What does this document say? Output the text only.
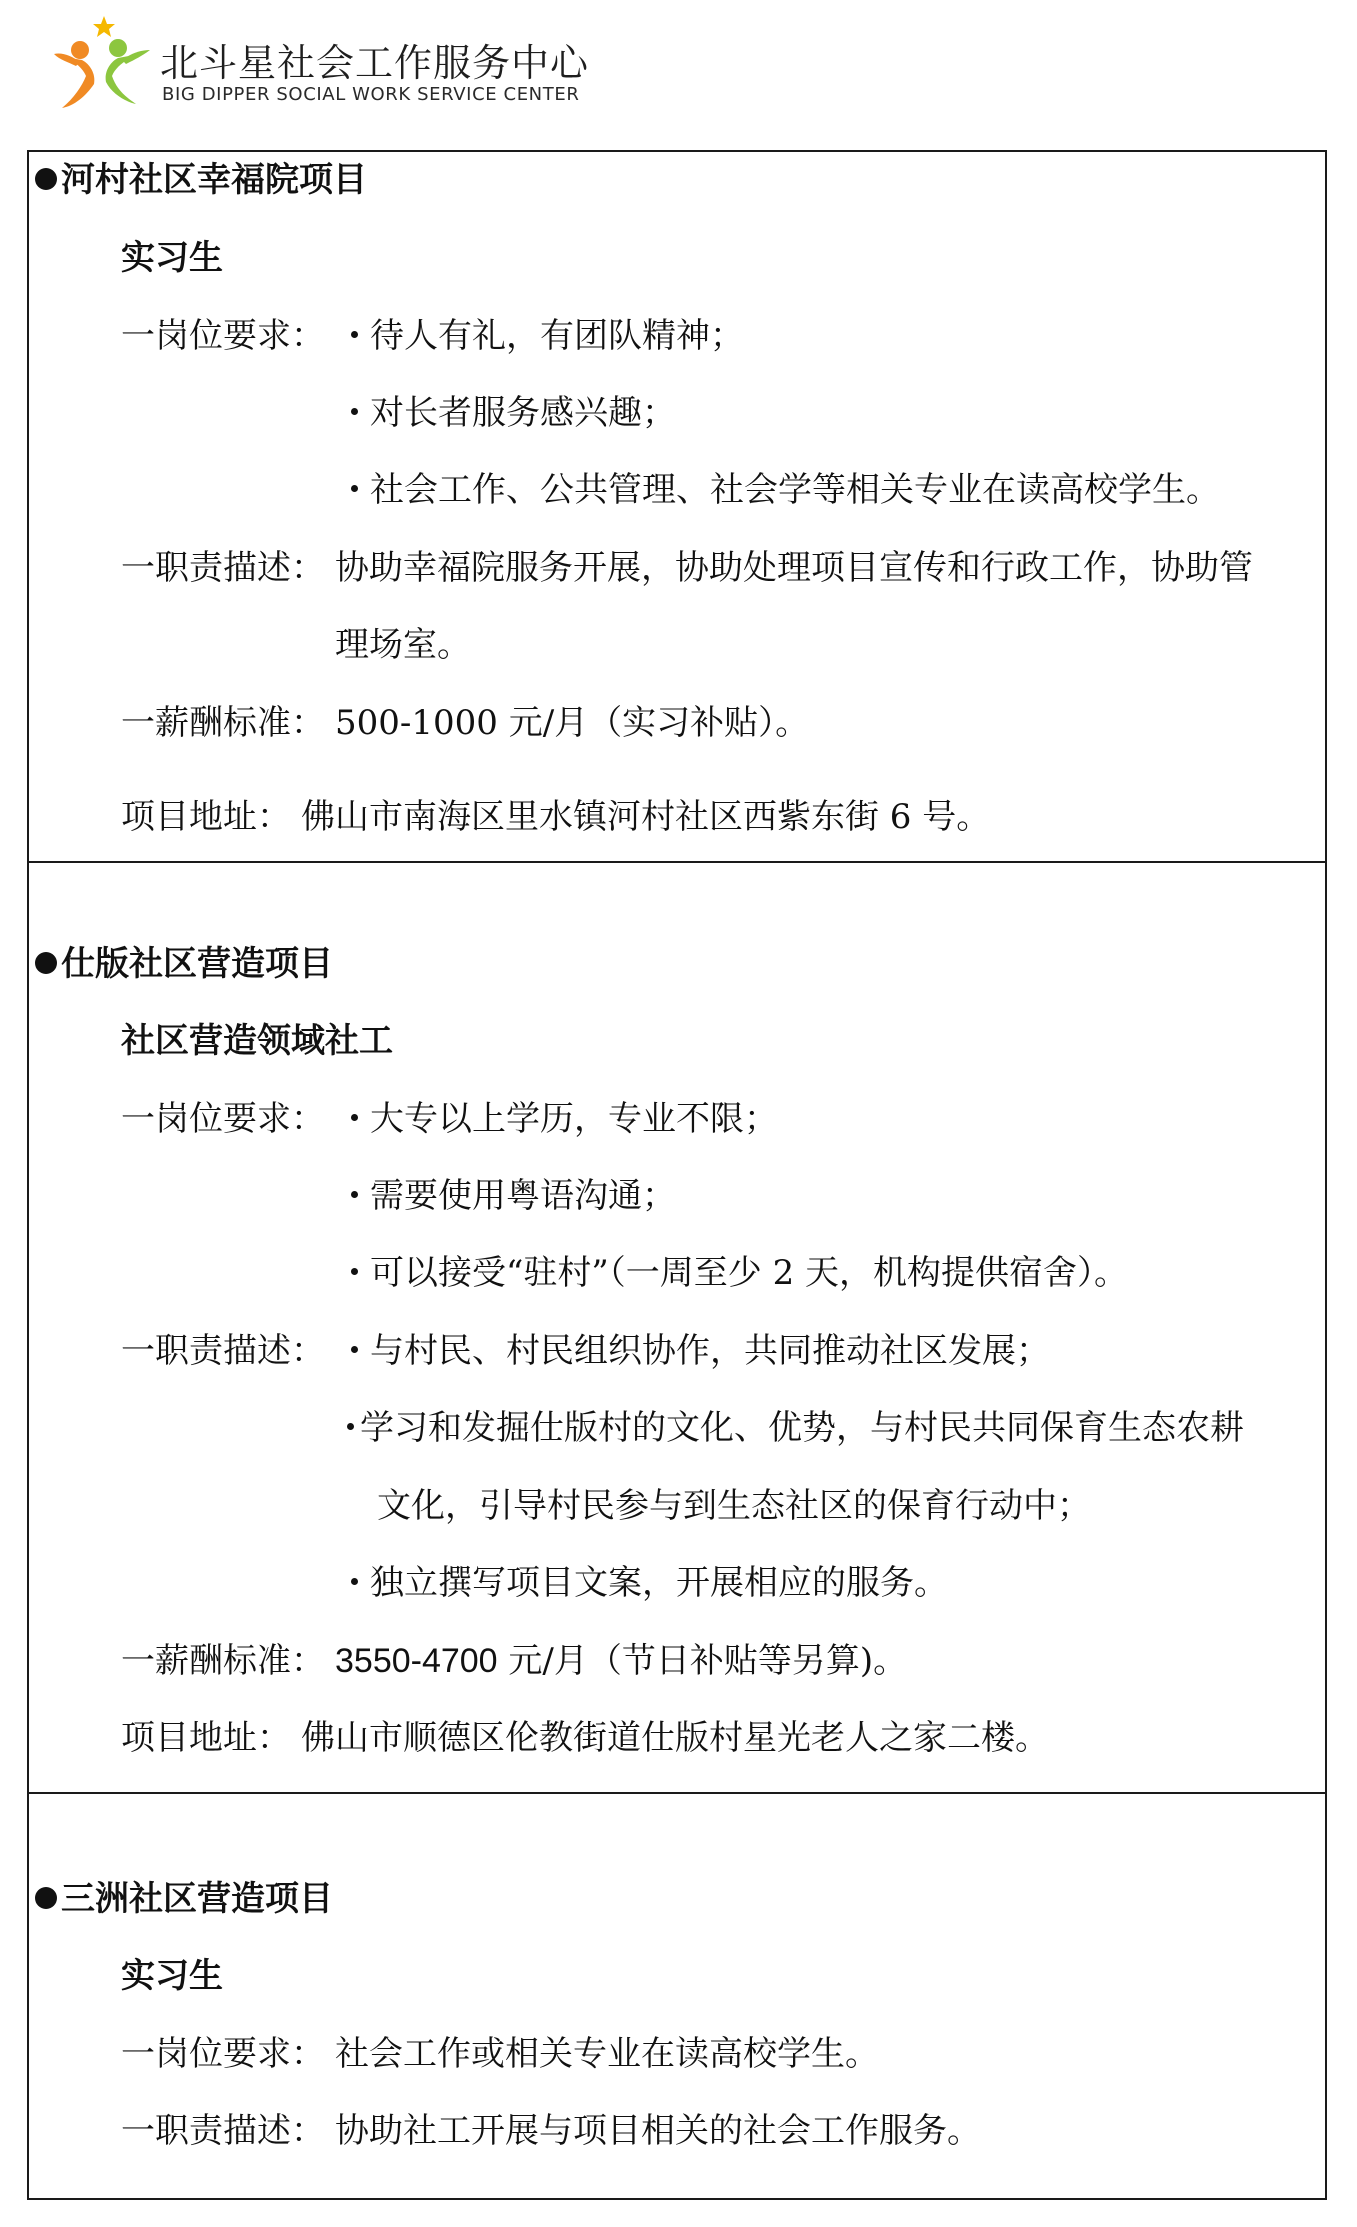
北斗星社会工作服务中心
BIG DIPPER SOCIAL WORK SERVICE CENTER
河村社区幸福院项目
实习生
一岗位要求：	待人有礼，有团队精神；
对长者服务感兴趣；
社会工作、公共管理、社会学等相关专业在读高校学生。
一职责描述： 协助幸福院服务开展，协助处理项目宣传和行政工作，协助管
理场室。
一薪酬标准： 500-1000 元/月（实习补贴）。
项目地址： 佛山市南海区里水镇河村社区西紫东街 6 号。
仕版社区营造项目
社区营造领域社工
一岗位要求：	大专以上学历，专业不限；
需要使用粤语沟通；
可以接受“驻村”（一周至少 2 天，机构提供宿舍）。
一职责描述：	与村民、村民组织协作，共同推动社区发展；
学习和发掘仕版村的文化、优势，与村民共同保育生态农耕
文化，引导村民参与到生态社区的保育行动中；
独立撰写项目文案，开展相应的服务。
一薪酬标准： 3550-4700 元/月（节日补贴等另算)。
项目地址： 佛山市顺德区伦教街道仕版村星光老人之家二楼。
三洲社区营造项目
实习生
一岗位要求： 社会工作或相关专业在读高校学生。
一职责描述： 协助社工开展与项目相关的社会工作服务。
